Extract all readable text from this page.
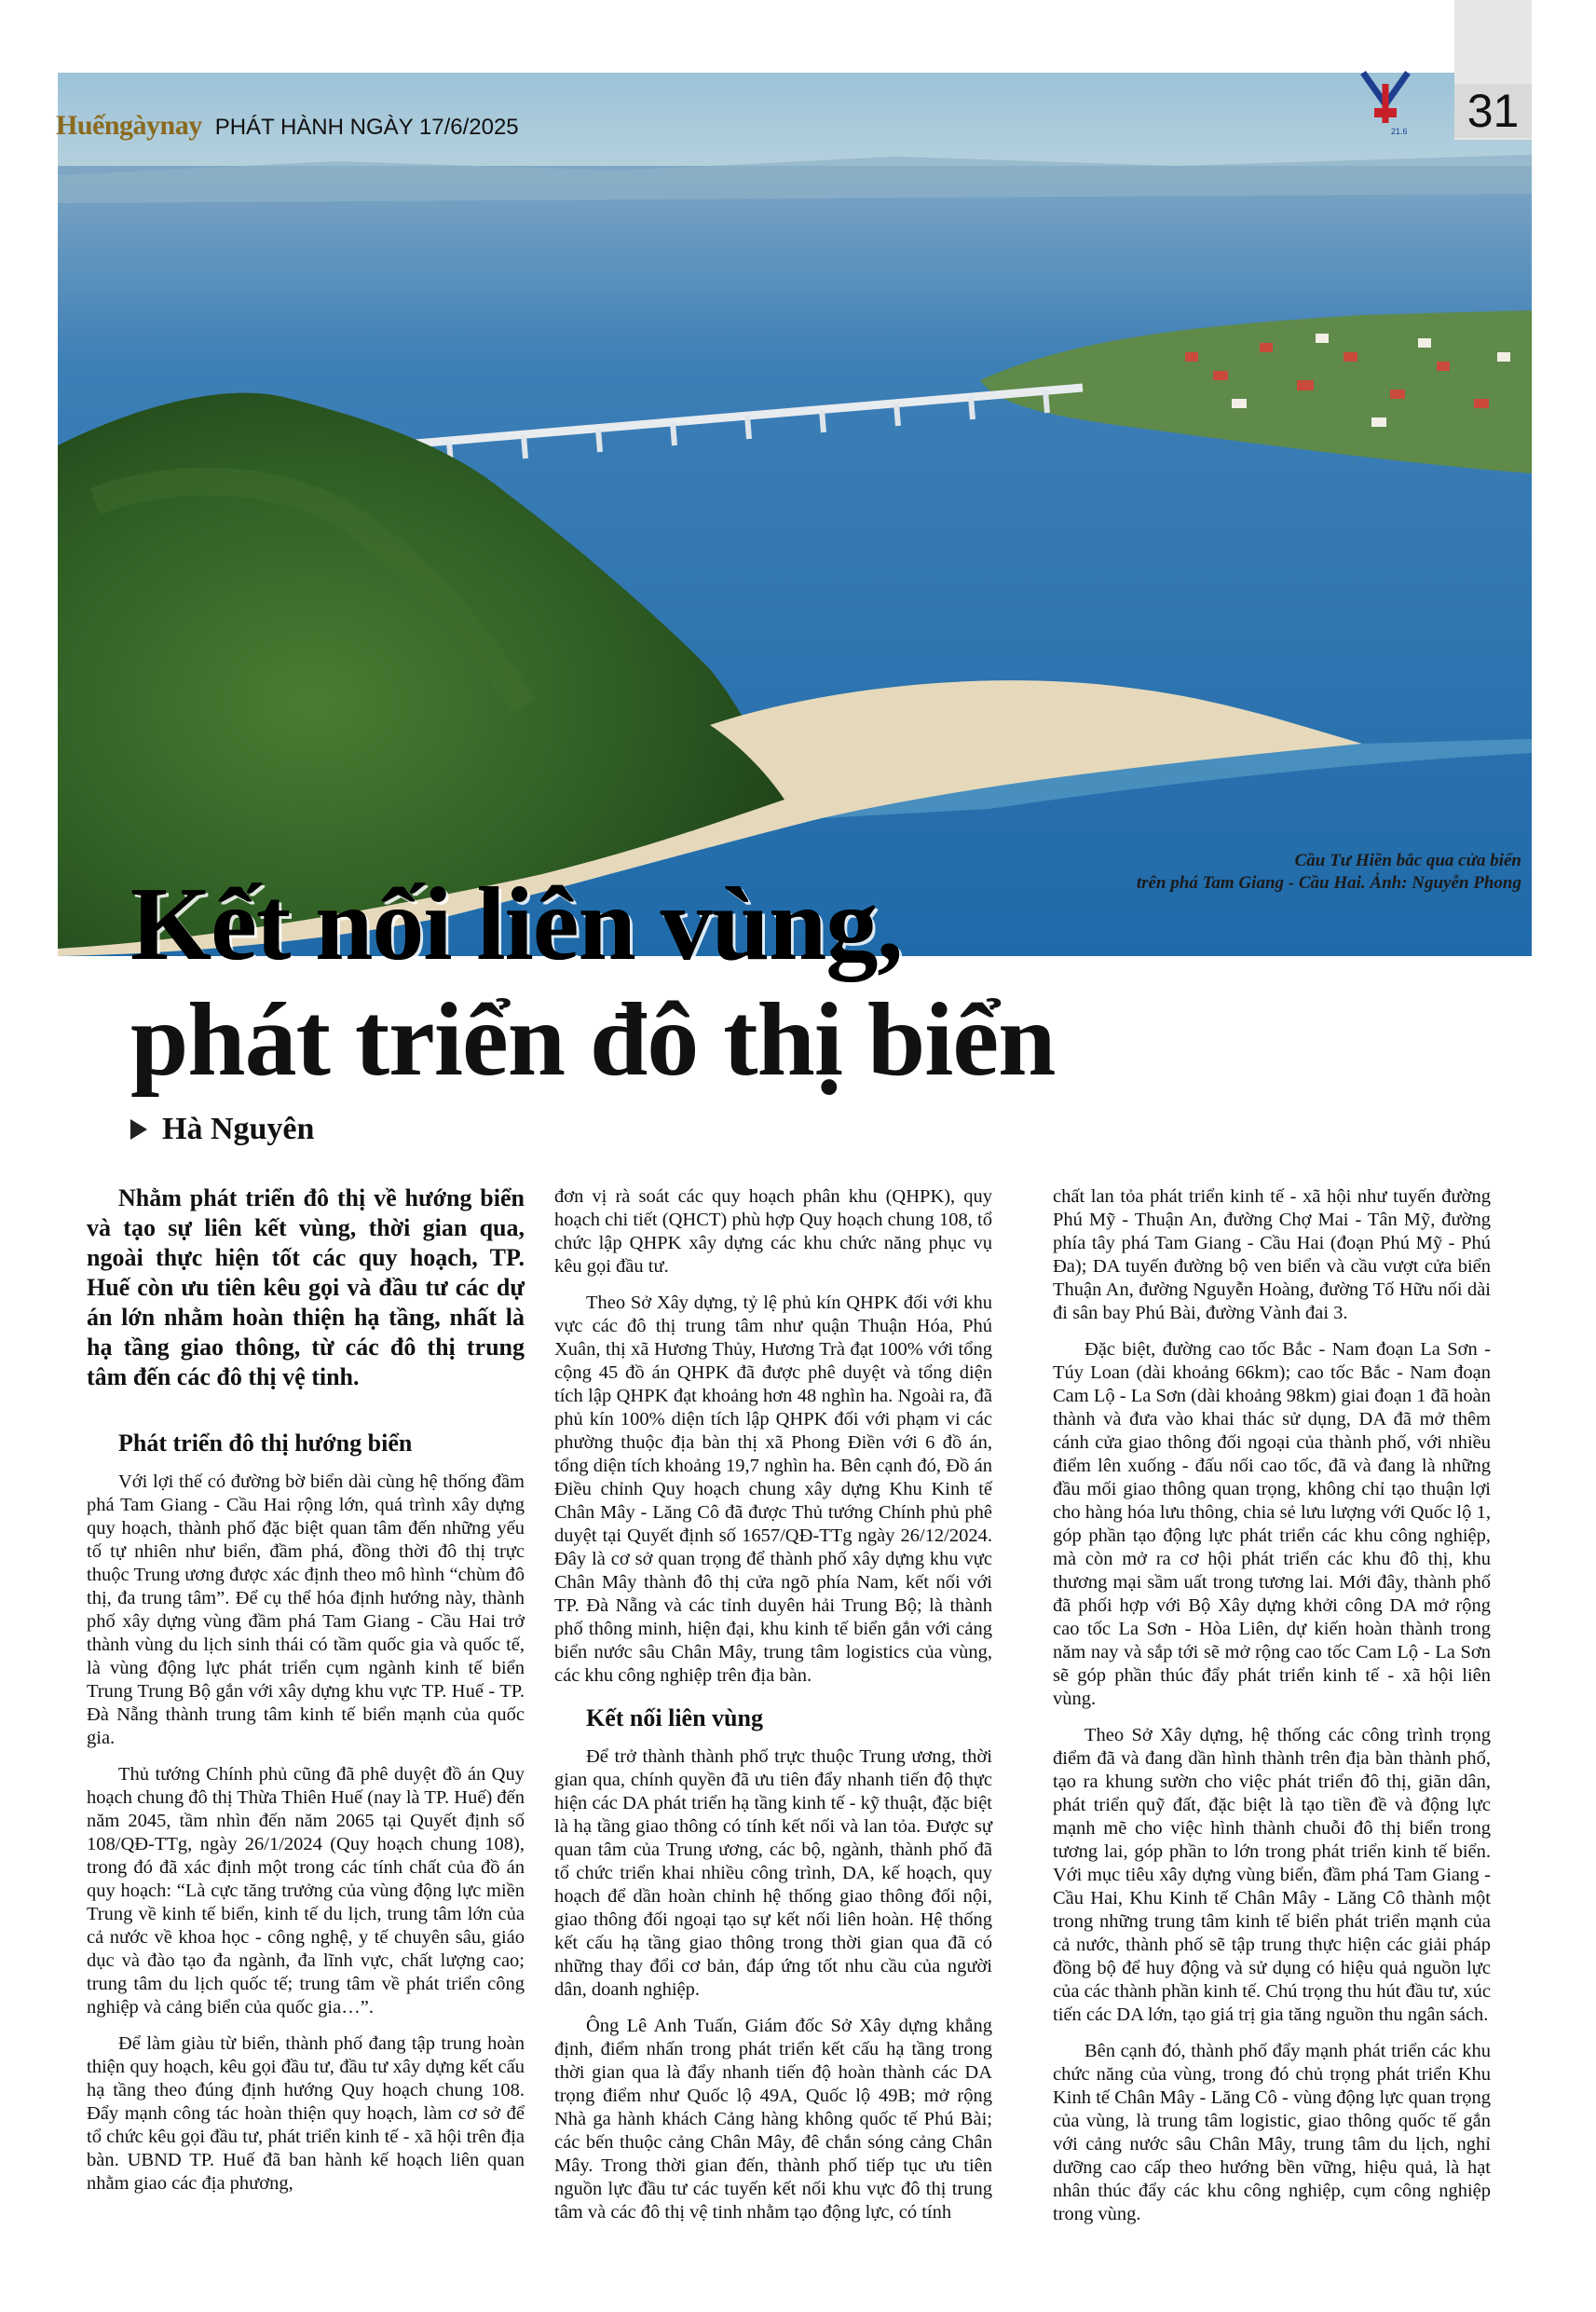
31
21.6
Huếngàynay PHÁT HÀNH NGÀY 17/6/2025
Cầu Tư Hiền bắc qua cửa biển
trên phá Tam Giang - Cầu Hai. Ảnh: Nguyễn Phong
Kết nối liên vùng,
phát triển đô thị biển
Hà Nguyên

Nhằm phát triển đô thị về hướng biển và tạo sự liên kết vùng, thời gian qua, ngoài thực hiện tốt các quy hoạch, TP. Huế còn ưu tiên kêu gọi và đầu tư các dự án lớn nhằm hoàn thiện hạ tầng, nhất là hạ tầng giao thông, từ các đô thị trung tâm đến các đô thị vệ tinh.

Phát triển đô thị hướng biển

Với lợi thế có đường bờ biển dài cùng hệ thống đầm phá Tam Giang - Cầu Hai rộng lớn, quá trình xây dựng quy hoạch, thành phố đặc biệt quan tâm đến những yếu tố tự nhiên như biển, đầm phá, đồng thời đô thị trực thuộc Trung ương được xác định theo mô hình “chùm đô thị, đa trung tâm”. Để cụ thể hóa định hướng này, thành phố xây dựng vùng đầm phá Tam Giang - Cầu Hai trở thành vùng du lịch sinh thái có tầm quốc gia và quốc tế, là vùng động lực phát triển cụm ngành kinh tế biển Trung Trung Bộ gắn với xây dựng khu vực TP. Huế - TP. Đà Nẵng thành trung tâm kinh tế biển mạnh của quốc gia.

Thủ tướng Chính phủ cũng đã phê duyệt đồ án Quy hoạch chung đô thị Thừa Thiên Huế (nay là TP. Huế) đến năm 2045, tầm nhìn đến năm 2065 tại Quyết định số 108/QĐ-TTg, ngày 26/1/2024 (Quy hoạch chung 108), trong đó đã xác định một trong các tính chất của đồ án quy hoạch: “Là cực tăng trưởng của vùng động lực miền Trung về kinh tế biển, kinh tế du lịch, trung tâm lớn của cả nước về khoa học - công nghệ, y tế chuyên sâu, giáo dục và đào tạo đa ngành, đa lĩnh vực, chất lượng cao; trung tâm du lịch quốc tế; trung tâm về phát triển công nghiệp và cảng biển của quốc gia…”.

Để làm giàu từ biển, thành phố đang tập trung hoàn thiện quy hoạch, kêu gọi đầu tư, đầu tư xây dựng kết cấu hạ tầng theo đúng định hướng Quy hoạch chung 108. Đẩy mạnh công tác hoàn thiện quy hoạch, làm cơ sở để tổ chức kêu gọi đầu tư, phát triển kinh tế - xã hội trên địa bàn. UBND TP. Huế đã ban hành kế hoạch liên quan nhằm giao các địa phương,

đơn vị rà soát các quy hoạch phân khu (QHPK), quy hoạch chi tiết (QHCT) phù hợp Quy hoạch chung 108, tổ chức lập QHPK xây dựng các khu chức năng phục vụ kêu gọi đầu tư.

Theo Sở Xây dựng, tỷ lệ phủ kín QHPK đối với khu vực các đô thị trung tâm như quận Thuận Hóa, Phú Xuân, thị xã Hương Thủy, Hương Trà đạt 100% với tổng cộng 45 đồ án QHPK đã được phê duyệt và tổng diện tích lập QHPK đạt khoảng hơn 48 nghìn ha. Ngoài ra, đã phủ kín 100% diện tích lập QHPK đối với phạm vi các phường thuộc địa bàn thị xã Phong Điền với 6 đồ án, tổng diện tích khoảng 19,7 nghìn ha. Bên cạnh đó, Đồ án Điều chỉnh Quy hoạch chung xây dựng Khu Kinh tế Chân Mây - Lăng Cô đã được Thủ tướng Chính phủ phê duyệt tại Quyết định số 1657/QĐ-TTg ngày 26/12/2024. Đây là cơ sở quan trọng để thành phố xây dựng khu vực Chân Mây thành đô thị cửa ngõ phía Nam, kết nối với TP. Đà Nẵng và các tỉnh duyên hải Trung Bộ; là thành phố thông minh, hiện đại, khu kinh tế biển gắn với cảng biển nước sâu Chân Mây, trung tâm logistics của vùng, các khu công nghiệp trên địa bàn.

Kết nối liên vùng

Để trở thành thành phố trực thuộc Trung ương, thời gian qua, chính quyền đã ưu tiên đẩy nhanh tiến độ thực hiện các DA phát triển hạ tầng kinh tế - kỹ thuật, đặc biệt là hạ tầng giao thông có tính kết nối và lan tỏa. Được sự quan tâm của Trung ương, các bộ, ngành, thành phố đã tổ chức triển khai nhiều công trình, DA, kế hoạch, quy hoạch để dần hoàn chỉnh hệ thống giao thông đối nội, giao thông đối ngoại tạo sự kết nối liên hoàn. Hệ thống kết cấu hạ tầng giao thông trong thời gian qua đã có những thay đổi cơ bản, đáp ứng tốt nhu cầu của người dân, doanh nghiệp.

Ông Lê Anh Tuấn, Giám đốc Sở Xây dựng khẳng định, điểm nhấn trong phát triển kết cấu hạ tầng trong thời gian qua là đẩy nhanh tiến độ hoàn thành các DA trọng điểm như Quốc lộ 49A, Quốc lộ 49B; mở rộng Nhà ga hành khách Cảng hàng không quốc tế Phú Bài; các bến thuộc cảng Chân Mây, đê chắn sóng cảng Chân Mây. Trong thời gian đến, thành phố tiếp tục ưu tiên nguồn lực đầu tư các tuyến kết nối khu vực đô thị trung tâm và các đô thị vệ tinh nhằm tạo động lực, có tính

chất lan tỏa phát triển kinh tế - xã hội như tuyến đường Phú Mỹ - Thuận An, đường Chợ Mai - Tân Mỹ, đường phía tây phá Tam Giang - Cầu Hai (đoạn Phú Mỹ - Phú Đa); DA tuyến đường bộ ven biển và cầu vượt cửa biển Thuận An, đường Nguyễn Hoàng, đường Tố Hữu nối dài đi sân bay Phú Bài, đường Vành đai 3.

Đặc biệt, đường cao tốc Bắc - Nam đoạn La Sơn - Túy Loan (dài khoảng 66km); cao tốc Bắc - Nam đoạn Cam Lộ - La Sơn (dài khoảng 98km) giai đoạn 1 đã hoàn thành và đưa vào khai thác sử dụng, DA đã mở thêm cánh cửa giao thông đối ngoại của thành phố, với nhiều điểm lên xuống - đấu nối cao tốc, đã và đang là những đầu mối giao thông quan trọng, không chỉ tạo thuận lợi cho hàng hóa lưu thông, chia sẻ lưu lượng với Quốc lộ 1, góp phần tạo động lực phát triển các khu công nghiệp, mà còn mở ra cơ hội phát triển các khu đô thị, khu thương mại sầm uất trong tương lai. Mới đây, thành phố đã phối hợp với Bộ Xây dựng khởi công DA mở rộng cao tốc La Sơn - Hòa Liên, dự kiến hoàn thành trong năm nay và sắp tới sẽ mở rộng cao tốc Cam Lộ - La Sơn sẽ góp phần thúc đẩy phát triển kinh tế - xã hội liên vùng.

Theo Sở Xây dựng, hệ thống các công trình trọng điểm đã và đang dần hình thành trên địa bàn thành phố, tạo ra khung sườn cho việc phát triển đô thị, giãn dân, phát triển quỹ đất, đặc biệt là tạo tiền đề và động lực mạnh mẽ cho việc hình thành chuỗi đô thị biển trong tương lai, góp phần to lớn trong phát triển kinh tế biển. Với mục tiêu xây dựng vùng biển, đầm phá Tam Giang - Cầu Hai, Khu Kinh tế Chân Mây - Lăng Cô thành một trong những trung tâm kinh tế biển phát triển mạnh của cả nước, thành phố sẽ tập trung thực hiện các giải pháp đồng bộ để huy động và sử dụng có hiệu quả nguồn lực của các thành phần kinh tế. Chú trọng thu hút đầu tư, xúc tiến các DA lớn, tạo giá trị gia tăng nguồn thu ngân sách.

Bên cạnh đó, thành phố đẩy mạnh phát triển các khu chức năng của vùng, trong đó chủ trọng phát triển Khu Kinh tế Chân Mây - Lăng Cô - vùng động lực quan trọng của vùng, là trung tâm logistic, giao thông quốc tế gắn với cảng nước sâu Chân Mây, trung tâm du lịch, nghỉ dưỡng cao cấp theo hướng bền vững, hiệu quả, là hạt nhân thúc đẩy các khu công nghiệp, cụm công nghiệp trong vùng.
